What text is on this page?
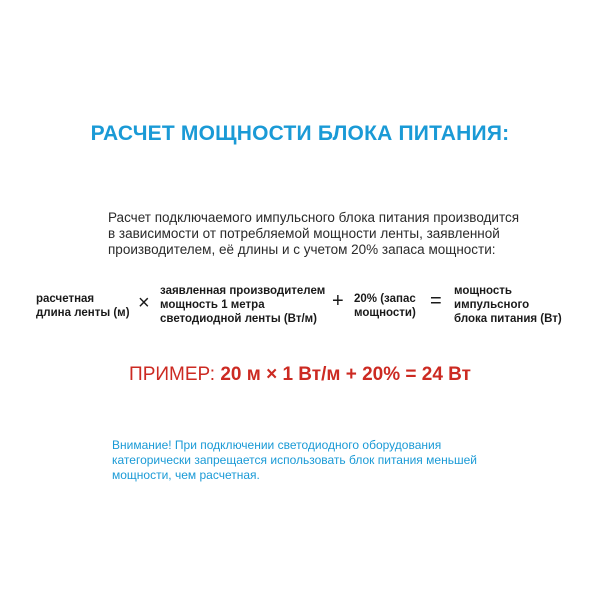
РАСЧЕТ МОЩНОСТИ БЛОКА ПИТАНИЯ:
Расчет подключаемого импульсного блока питания производится
в зависимости от потребляемой мощности ленты, заявленной
производителем, её длины и с учетом 20% запаса мощности:
расчетная
длина ленты (м) ×
заявленная производителем
мощность 1 метра
светодиодной ленты (Вт/м)
+ 20% (запас
мощности)
= мощность
импульсного
блока питания (Вт)
ПРИМЕР: 20 м × 1 Вт/м + 20% = 24 Вт
Внимание! При подключении светодиодного оборудования
категорически запрещается использовать блок питания меньшей
мощности, чем расчетная.
